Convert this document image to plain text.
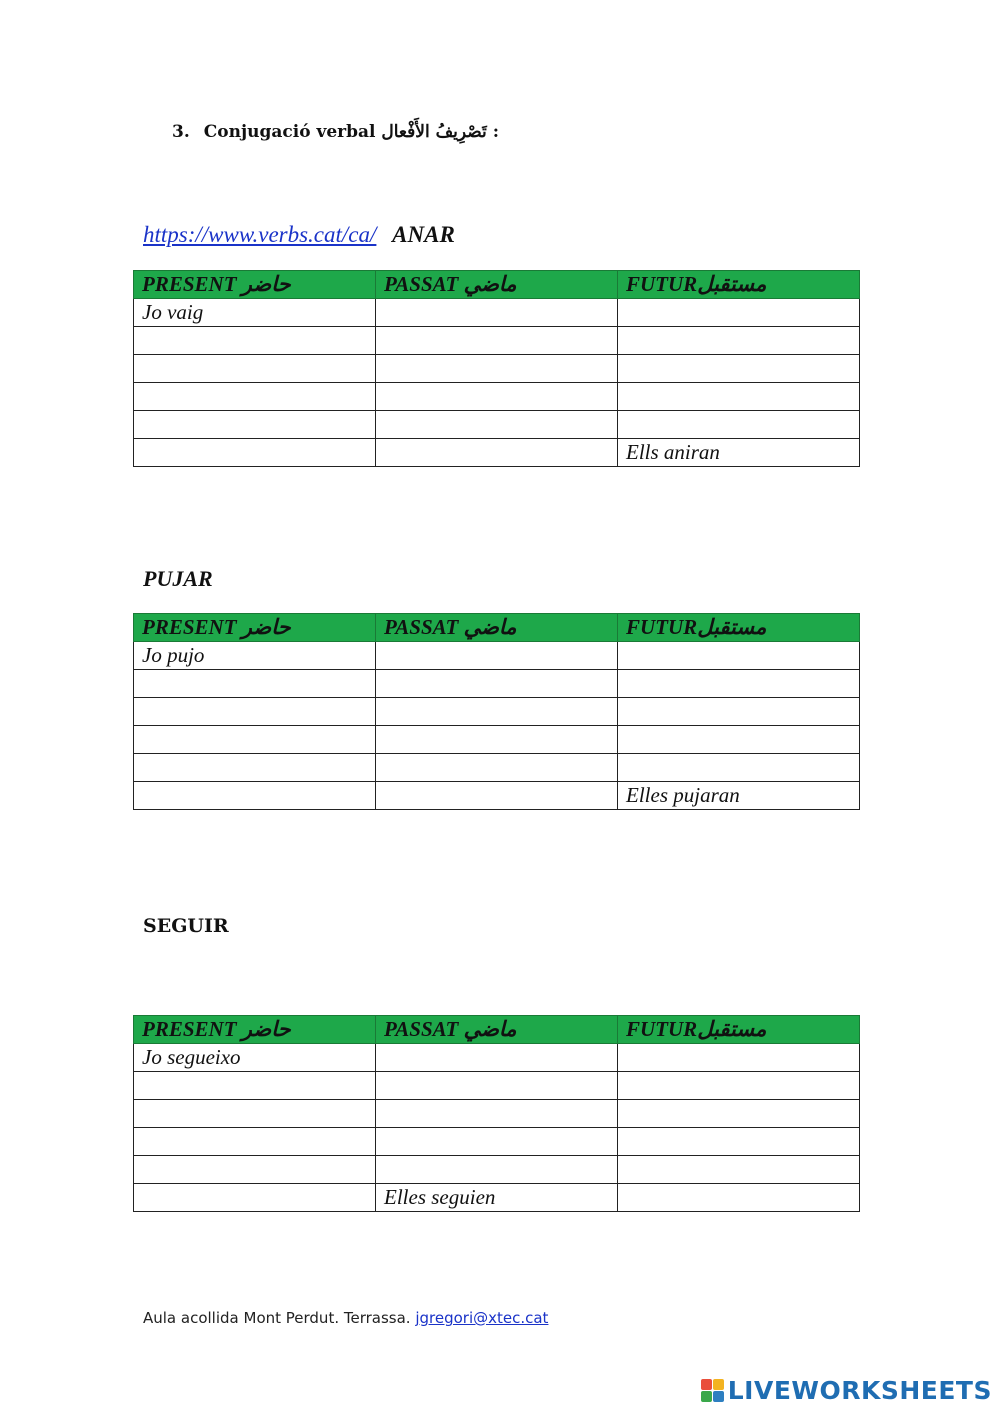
3. Conjugació verbal تَصْرِيفُ الأَفْعال :
https://www.verbs.cat/ca/ ANAR
PRESENT حاضر	PASSAT ماضي	FUTURمستقبل
Jo vaig		

		Ells aniran
PUJAR
PRESENT حاضر	PASSAT ماضي	FUTURمستقبل
Jo pujo		

		Elles pujaran
SEGUIR
PRESENT حاضر	PASSAT ماضي	FUTURمستقبل
Jo segueixo		

	Elles seguien	
Aula acollida Mont Perdut. Terrassa. jgregori@xtec.cat
LIVEWORKSHEETS
